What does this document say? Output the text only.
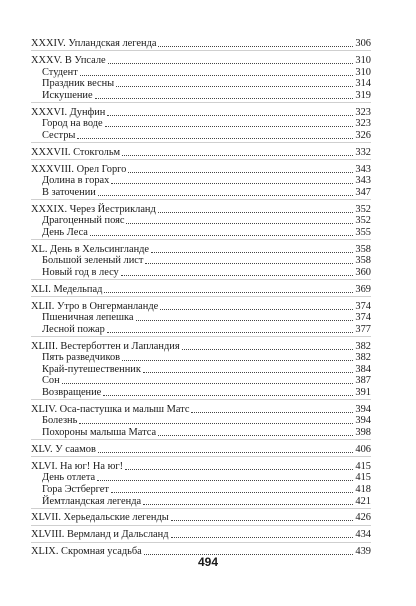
XXXIV. Упландская легенда	306
XXXV. В Упсале	310
Студент	310
Праздник весны	314
Искушение	319
XXXVI. Дунфин	323
Город на воде	323
Сестры	326
XXXVII. Стокгольм	332
XXXVIII. Орел Горго	343
Долина в горах	343
В заточении	347
XXXIX. Через Йестрикланд	352
Драгоценный пояс	352
День Леса	355
XL. День в Хельсингланде	358
Большой зеленый лист	358
Новый год в лесу	360
XLI. Медельпад	369
XLII. Утро в Онгерманланде	374
Пшеничная лепешка	374
Лесной пожар	377
XLIII. Вестерботтен и Лапландия	382
Пять разведчиков	382
Край-путешественник	384
Сон	387
Возвращение	391
XLIV. Оса-пастушка и малыш Матс	394
Болезнь	394
Похороны малыша Матса	398
XLV. У саамов	406
XLVI. На юг! На юг!	415
День отлета	415
Гора Эстбергет	418
Йемтландская легенда	421
XLVII. Херьедальские легенды	426
XLVIII. Вермланд и Дальсланд	434
XLIX. Скромная усадьба	439
494
